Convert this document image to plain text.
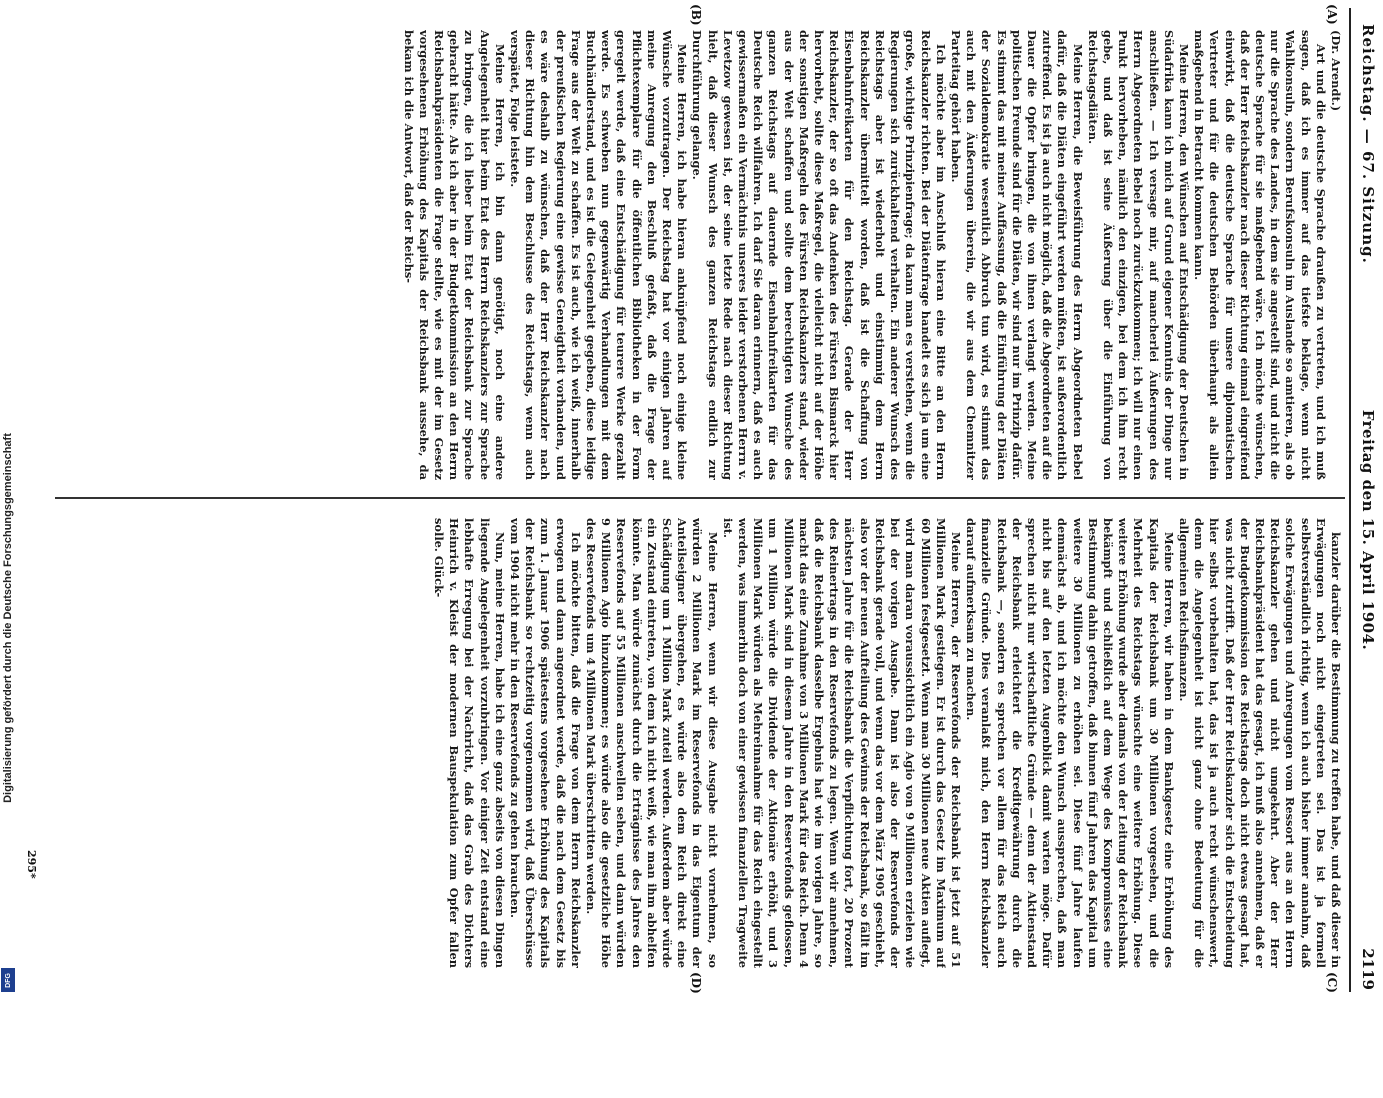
Reichstag. — 67. Sitzung.
Freitag den 15. April 1904.
2119
(A)
(B)
(C)
(D)

(Dr. Arendt.)

Art und die deutsche Sprache draußen zu vertreten, und ich muß sagen, daß ich es immer auf das tiefste beklage, wenn nicht Wahlkonsuln, sondern Berufskonsuln im Auslande so amtieren, als ob nur die Sprache des Landes, in dem sie angestellt sind, und nicht die deutsche Sprache für sie maßgebend wäre. Ich möchte wünschen, daß der Herr Reichskanzler nach dieser Richtung einmal eingreifend einwirkt, daß die deutsche Sprache für unsere diplomatischen Vertreter und für die deutschen Behörden überhaupt als allein maßgebend in Betracht kommen kann.

Meine Herren, den Wünschen auf Entschädigung der Deutschen in Südafrika kann ich mich auf Grund eigener Kenntnis der Dinge nur anschließen. — Ich versage mir, auf mancherlei Äußerungen des Herrn Abgeordneten Bebel noch zurückzukommen; ich will nur einen Punkt hervorheben, nämlich den einzigen, bei dem ich ihm recht gebe, und daß ist seine Äußerung über die Einführung von Reichstagsdiäten.

Meine Herren, die Beweisführung des Herrn Abgeordneten Bebel dafür, daß die Diäten eingeführt werden müßten, ist außerordentlich zutreffend. Es ist ja auch nicht möglich, daß die Abgeordneten auf die Dauer die Opfer bringen, die von ihnen verlangt werden. Meine politischen Freunde sind für die Diäten, wir sind nur im Prinzip dafür. Es stimmt das mit meiner Auffassung, daß die Einführung der Diäten der Sozialdemokratie wesentlich Abbruch tun wird, es stimmt das auch mit den Äußerungen überein, die wir aus dem Chemnitzer Parteitag gehört haben.

Ich möchte aber im Anschluß hieran eine Bitte an den Herrn Reichskanzler richten. Bei der Diätenfrage handelt es sich ja um eine große, wichtige Prinzipienfrage; da kann man es verstehen, wenn die Regierungen sich zurückhaltend verhalten. Ein anderer Wunsch des Reichstags aber ist wiederholt und einstimmig dem Herrn Reichskanzler übermittelt worden, daß ist die Schaffung von Eisenbahnfreikarten für den Reichstag. Gerade der Herr Reichskanzler, der so oft das Andenken des Fürsten Bismarck hier hervorhebt, sollte diese Maßregel, die vielleicht nicht auf der Höhe der sonstigen Maßregeln des Fürsten Reichskanzlers stand, wieder aus der Welt schaffen und sollte dem berechtigten Wunsche des ganzen Reichstags auf dauernde Eisenbahnfreikarten für das Deutsche Reich willfahren. Ich darf Sie daran erinnern, daß es auch gewissermaßen ein Vermächtnis unseres leider verstorbenen Herrn v. Levetzow gewesen ist, der seine letzte Rede nach dieser Richtung hielt, daß dieser Wunsch des ganzen Reichstags endlich zur Durchführung gelange.

Meine Herren, ich habe hieran anknüpfend noch einige kleine Wünsche vorzutragen. Der Reichstag hat vor einigen Jahren auf meine Anregung den Beschluß gefaßt, daß die Frage der Pflichtexemplare für die öffentlichen Bibliotheken in der Form geregelt werde, daß eine Entschädigung für teurere Werke gezahlt werde. Es schweben nun gegenwärtig Verhandlungen mit dem Buchhändlerstand, und es ist die Gelegenheit gegeben, diese leidige Frage aus der Welt zu schaffen. Es ist auch, wie ich weiß, innerhalb der preußischen Regierung eine gewisse Geneigtheit vorhanden, und es wäre deshalb zu wünschen, daß der Herr Reichskanzler nach dieser Richtung hin dem Beschlusse des Reichstags, wenn auch verspätet, Folge leistete.

Meine Herren, ich bin dann genötigt, noch eine andere Angelegenheit hier beim Etat des Herrn Reichskanzlers zur Sprache zu bringen, die ich lieber beim Etat der Reichsbank zur Sprache gebracht hätte. Als ich aber in der Budgetkommission an den Herrn Reichsbankpräsidenten die Frage stellte, wie es mit der im Gesetz vorgesehenen Erhöhung des Kapitals der Reichsbank aussehe, da bekam ich die Antwort, daß der Reichs-

kanzler darüber die Bestimmung zu treffen habe, und daß dieser in Erwägungen noch nicht eingetreten sei. Das ist ja formell selbstverständlich richtig, wenn ich auch bisher immer annahm, daß solche Erwägungen und Anregungen vom Ressort aus an den Herrn Reichskanzler gehen und nicht umgekehrt. Aber der Herr Reichsbankpräsident hat das gesagt, ich muß also annehmen, daß er der Budgetkommission des Reichstags doch nicht etwas gesagt hat, was nicht zutrifft. Daß der Herr Reichskanzler sich die Entscheidung hier selbst vorbehalten hat, das ist ja auch recht wünschenswert, denn die Angelegenheit ist nicht ganz ohne Bedeutung für die allgemeinen Reichsfinanzen.

Meine Herren, wir haben in dem Bankgesetz eine Erhöhung des Kapitals der Reichsbank um 30 Millionen vorgesehen, und die Mehrheit des Reichstags wünschte eine weitere Erhöhung. Diese weitere Erhöhung wurde aber damals von der Leitung der Reichsbank bekämpft und schließlich auf dem Wege des Kompromisses eine Bestimmung dahin getroffen, daß binnen fünf Jahren das Kapital um weitere 30 Millionen zu erhöhen sei. Diese fünf Jahre laufen demnächst ab, und ich möchte den Wunsch aussprechen, daß man nicht bis auf den letzten Augenblick damit warten möge. Dafür sprechen nicht nur wirtschaftliche Gründe — denn der Aktienstand der Reichsbank erleichtert die Kreditgewährung durch die Reichsbank —, sondern es sprechen vor allem für das Reich auch finanzielle Gründe. Dies veranlaßt mich, den Herrn Reichskanzler darauf aufmerksam zu machen.

Meine Herren, der Reservefonds der Reichsbank ist jetzt auf 51 Millionen Mark gestiegen. Er ist durch das Gesetz im Maximum auf 60 Millionen festgesetzt. Wenn man 30 Millionen neue Aktien auflegt, wird man daran voraussichtlich ein Agio von 9 Millionen erzielen wie bei der vorigen Ausgabe. Dann ist also der Reservefonds der Reichsbank gerade voll, und wenn das vor dem März 1905 geschieht, also vor der neuen Aufteilung des Gewinns der Reichsbank, so fällt im nächsten Jahre für die Reichsbank die Verpflichtung fort, 20 Prozent des Reinertrags in den Reservefonds zu legen. Wenn wir annehmen, daß die Reichsbank dasselbe Ergebnis hat wie im vorigen Jahre, so macht das eine Zunahme von 3 Millionen Mark für das Reich. Denn 4 Millionen Mark sind in diesem Jahre in den Reservefonds geflossen, um 1 Million würde die Dividende der Aktionäre erhöht, und 3 Millionen Mark würden als Mehreinnahme für das Reich eingestellt werden, was immerhin doch von einer gewissen finanziellen Tragweite ist.

Meine Herren, wenn wir diese Ausgabe nicht vornehmen, so würden 2 Millionen Mark im Reservefonds in das Eigentum der Anteilseigner übergehen, es würde also dem Reich direkt eine Schädigung um 1 Million Mark zuteil werden. Außerdem aber würde ein Zustand eintreten, von dem ich nicht weiß, wie man ihm abhelfen könnte. Man würde zunächst durch die Erträgnisse des Jahres den Reservefonds auf 55 Millionen anschwellen sehen, und dann würden 9 Millionen Agio hinzukommen; es würde also die gesetzliche Höhe des Reservefonds um 4 Millionen Mark überschritten werden.

Ich möchte bitten, daß die Frage von dem Herrn Reichskanzler erwogen und dann angeordnet werde, daß die nach dem Gesetz bis zum 1. Januar 1906 spätestens vorgesehene Erhöhung des Kapitals der Reichsbank so rechtzeitig vorgenommen wird, daß Überschüsse vom 1904 nicht mehr in den Reservefonds zu gehen brauchen.

Nun, meine Herren, habe ich eine ganz abseits von diesen Dingen liegende Angelegenheit vorzubringen. Vor einiger Zeit entstand eine lebhafte Erregung bei der Nachricht, daß das Grab des Dichters Heinrich v. Kleist der modernen Bauspekulation zum Opfer fallen solle. Glück-

295*
Digitalisierung gefördert durch die Deutsche Forschungsgemeinschaft
DFG
